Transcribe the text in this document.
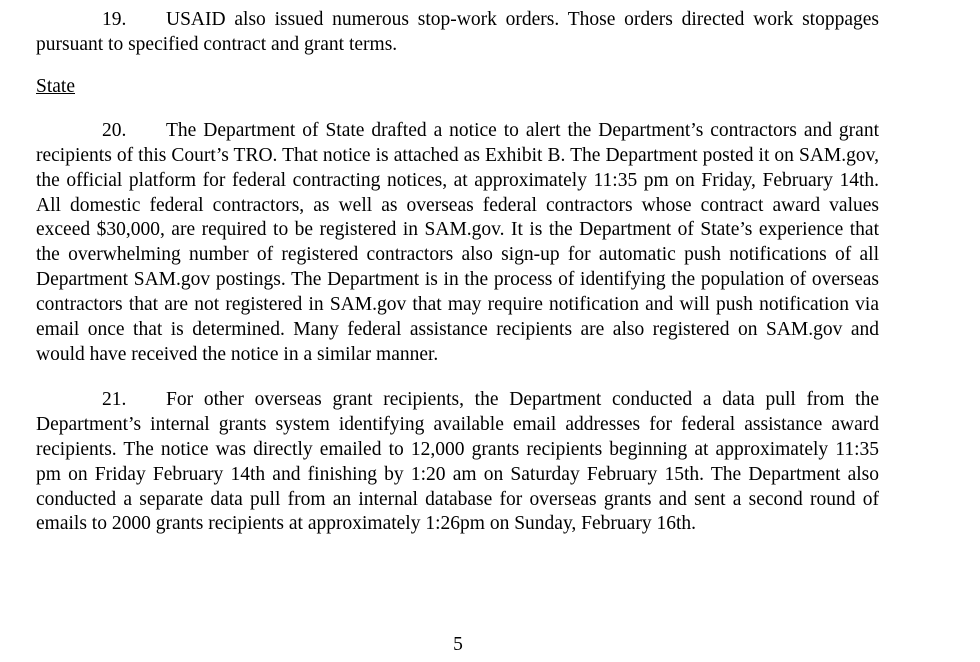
19. USAID also issued numerous stop-work orders. Those orders directed work stoppages pursuant to specified contract and grant terms.

State

20. The Department of State drafted a notice to alert the Department’s contractors and grant recipients of this Court’s TRO. That notice is attached as Exhibit B. The Department posted it on SAM.gov, the official platform for federal contracting notices, at approximately 11:35 pm on Friday, February 14th. All domestic federal contractors, as well as overseas federal contractors whose contract award values exceed $30,000, are required to be registered in SAM.gov. It is the Department of State’s experience that the overwhelming number of registered contractors also sign-up for automatic push notifications of all Department SAM.gov postings. The Department is in the process of identifying the population of overseas contractors that are not registered in SAM.gov that may require notification and will push notification via email once that is determined. Many federal assistance recipients are also registered on SAM.gov and would have received the notice in a similar manner.

21. For other overseas grant recipients, the Department conducted a data pull from the Department’s internal grants system identifying available email addresses for federal assistance award recipients. The notice was directly emailed to 12,000 grants recipients beginning at approximately 11:35 pm on Friday February 14th and finishing by 1:20 am on Saturday February 15th. The Department also conducted a separate data pull from an internal database for overseas grants and sent a second round of emails to 2000 grants recipients at approximately 1:26pm on Sunday, February 16th.

5
